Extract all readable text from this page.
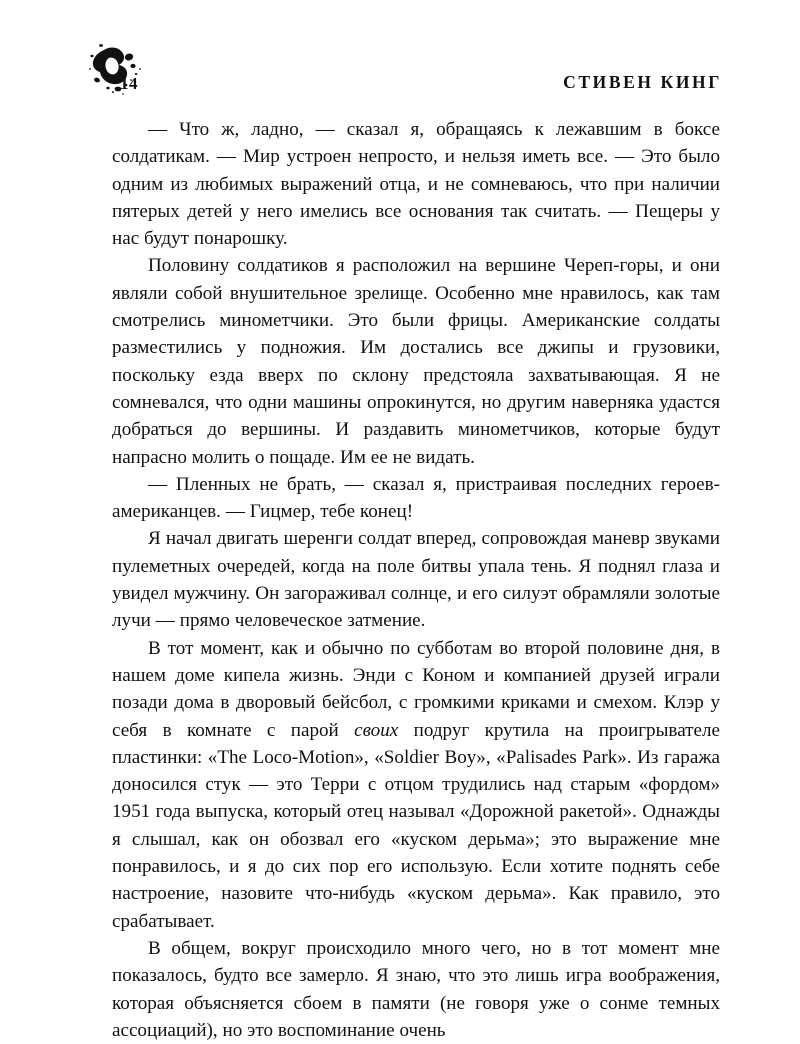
14	СТИВЕН КИНГ

— Что ж, ладно, — сказал я, обращаясь к лежавшим в боксе солдатикам. — Мир устроен непросто, и нельзя иметь все. — Это было одним из любимых выражений отца, и не сомневаюсь, что при наличии пятерых детей у него имелись все основания так считать. — Пещеры у нас будут понарошку.

Половину солдатиков я расположил на вершине Череп-горы, и они являли собой внушительное зрелище. Особенно мне нравилось, как там смотрелись минометчики. Это были фрицы. Американские солдаты разместились у подножия. Им достались все джипы и грузовики, поскольку езда вверх по склону предстояла захватывающая. Я не сомневался, что одни машины опрокинутся, но другим наверняка удастся добраться до вершины. И раздавить минометчиков, которые будут напрасно молить о пощаде. Им ее не видать.

— Пленных не брать, — сказал я, пристраивая последних героев-американцев. — Гицмер, тебе конец!

Я начал двигать шеренги солдат вперед, сопровождая маневр звуками пулеметных очередей, когда на поле битвы упала тень. Я поднял глаза и увидел мужчину. Он загораживал солнце, и его силуэт обрамляли золотые лучи — прямо человеческое затмение.

В тот момент, как и обычно по субботам во второй половине дня, в нашем доме кипела жизнь. Энди с Коном и компанией друзей играли позади дома в дворовый бейсбол, с громкими криками и смехом. Клэр у себя в комнате с парой своих подруг крутила на проигрывателе пластинки: «The Loco-Motion», «Soldier Boy», «Palisades Park». Из гаража доносился стук — это Терри с отцом трудились над старым «фордом» 1951 года выпуска, который отец называл «Дорожной ракетой». Однажды я слышал, как он обозвал его «куском дерьма»; это выражение мне понравилось, и я до сих пор его использую. Если хотите поднять себе настроение, назовите что-нибудь «куском дерьма». Как правило, это срабатывает.

В общем, вокруг происходило много чего, но в тот момент мне показалось, будто все замерло. Я знаю, что это лишь игра воображения, которая объясняется сбоем в памяти (не говоря уже о сонме темных ассоциаций), но это воспоминание очень
